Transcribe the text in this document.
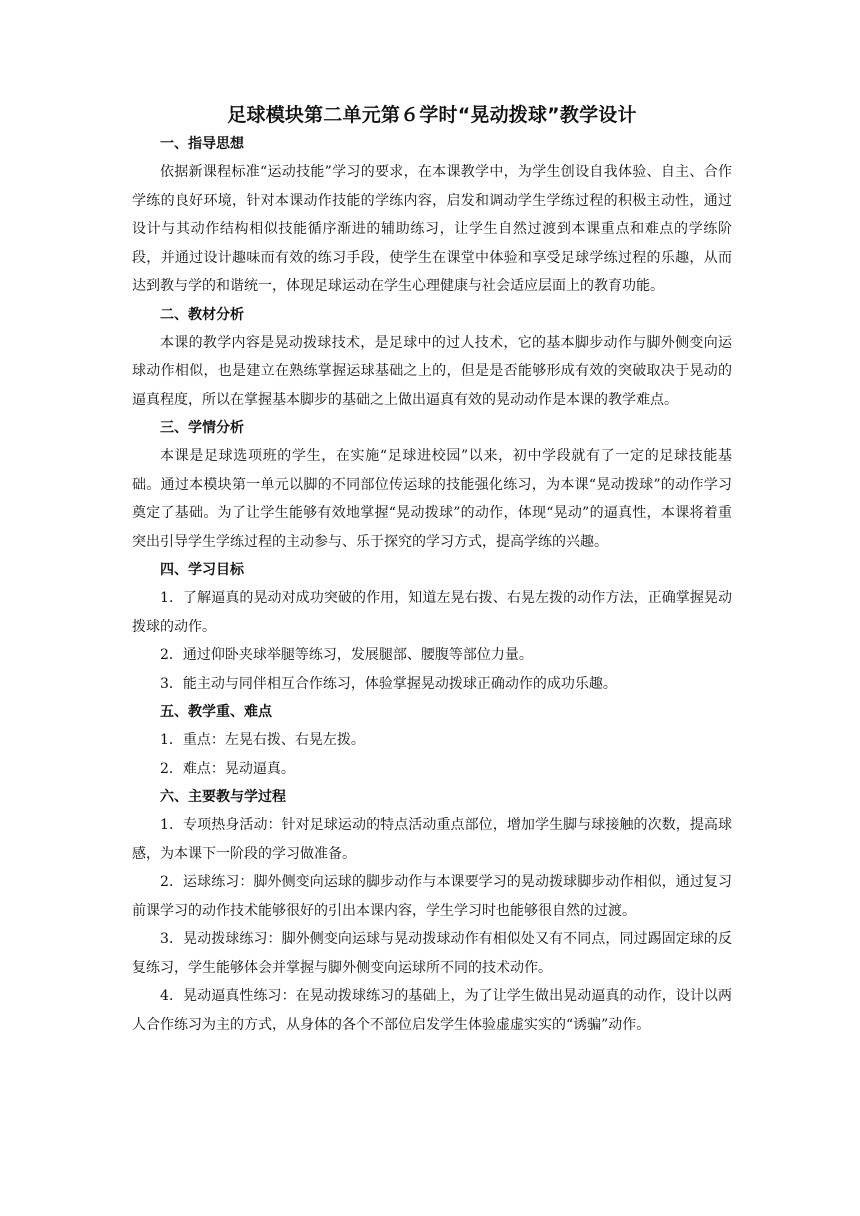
足球模块第二单元第６学时“晃动拨球”教学设计
一、指导思想

依据新课程标准“运动技能”学习的要求，在本课教学中，为学生创设自我体验、自主、合作学练的良好环境，针对本课动作技能的学练内容，启发和调动学生学练过程的积极主动性，通过设计与其动作结构相似技能循序渐进的辅助练习，让学生自然过渡到本课重点和难点的学练阶段，并通过设计趣味而有效的练习手段，使学生在课堂中体验和享受足球学练过程的乐趣，从而达到教与学的和谐统一，体现足球运动在学生心理健康与社会适应层面上的教育功能。

二、教材分析

本课的教学内容是晃动拨球技术，是足球中的过人技术，它的基本脚步动作与脚外侧变向运球动作相似，也是建立在熟练掌握运球基础之上的，但是是否能够形成有效的突破取决于晃动的逼真程度，所以在掌握基本脚步的基础之上做出逼真有效的晃动动作是本课的教学难点。

三、学情分析

本课是足球选项班的学生，在实施“足球进校园”以来，初中学段就有了一定的足球技能基础。通过本模块第一单元以脚的不同部位传运球的技能强化练习，为本课“晃动拨球”的动作学习奠定了基础。为了让学生能够有效地掌握“晃动拨球”的动作，体现“晃动”的逼真性，本课将着重突出引导学生学练过程的主动参与、乐于探究的学习方式，提高学练的兴趣。

四、学习目标

1．了解逼真的晃动对成功突破的作用，知道左晃右拨、右晃左拨的动作方法，正确掌握晃动拨球的动作。

2．通过仰卧夹球举腿等练习，发展腿部、腰腹等部位力量。

3．能主动与同伴相互合作练习，体验掌握晃动拨球正确动作的成功乐趣。

五、教学重、难点

1．重点：左晃右拨、右晃左拨。

2．难点：晃动逼真。

六、主要教与学过程

1．专项热身活动：针对足球运动的特点活动重点部位，增加学生脚与球接触的次数，提高球感，为本课下一阶段的学习做准备。

2．运球练习：脚外侧变向运球的脚步动作与本课要学习的晃动拨球脚步动作相似，通过复习前课学习的动作技术能够很好的引出本课内容，学生学习时也能够很自然的过渡。

3．晃动拨球练习：脚外侧变向运球与晃动拨球动作有相似处又有不同点，同过踢固定球的反复练习，学生能够体会并掌握与脚外侧变向运球所不同的技术动作。

4．晃动逼真性练习：在晃动拨球练习的基础上，为了让学生做出晃动逼真的动作，设计以两人合作练习为主的方式，从身体的各个不部位启发学生体验虚虚实实的“诱骗”动作。
